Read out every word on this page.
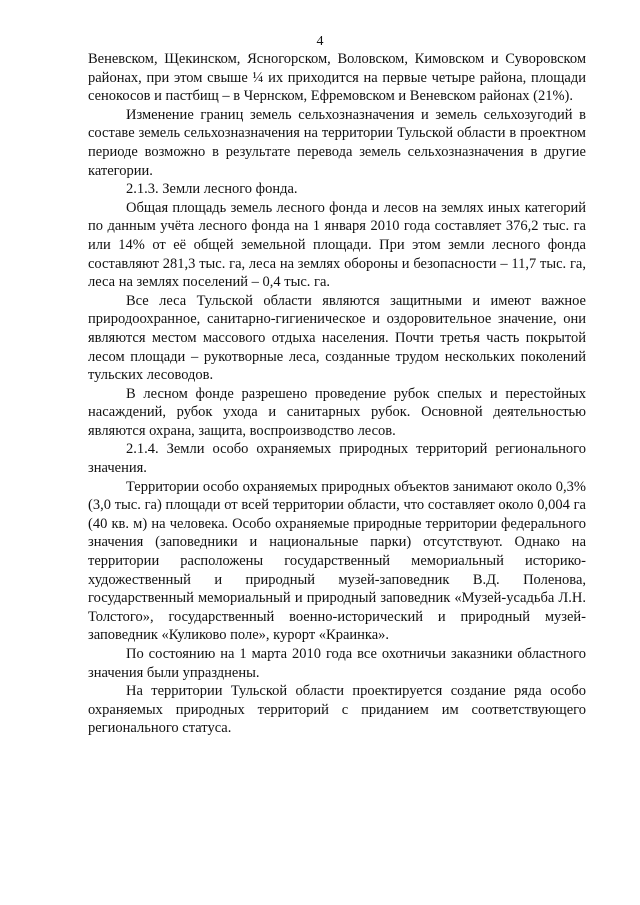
4

Веневском, Щекинском, Ясногорском, Воловском, Кимовском и Суворовском районах, при этом свыше ¼ их приходится на первые четыре района, площади сенокосов и пастбищ – в Чернском, Ефремовском и Веневском районах (21%).

Изменение границ земель сельхозназначения и земель сельхозугодий в составе земель сельхозназначения на территории Тульской области в проектном периоде возможно в результате перевода земель сельхозназначения в другие категории.

2.1.3. Земли лесного фонда.

Общая площадь земель лесного фонда и лесов на землях иных категорий по данным учёта лесного фонда на 1 января 2010 года составляет 376,2 тыс. га или 14% от её общей земельной площади. При этом земли лесного фонда составляют 281,3 тыс. га, леса на землях обороны и безопасности – 11,7 тыс. га, леса на землях поселений – 0,4 тыс. га.

Все леса Тульской области являются защитными и имеют важное природоохранное, санитарно-гигиеническое и оздоровительное значение, они являются местом массового отдыха населения. Почти третья часть покрытой лесом площади – рукотворные леса, созданные трудом нескольких поколений тульских лесоводов.

В лесном фонде разрешено проведение рубок спелых и перестойных насаждений, рубок ухода и санитарных рубок. Основной деятельностью являются охрана, защита, воспроизводство лесов.

2.1.4. Земли особо охраняемых природных территорий регионального значения.

Территории особо охраняемых природных объектов занимают около 0,3% (3,0 тыс. га) площади от всей территории области, что составляет около 0,004 га (40 кв. м) на человека. Особо охраняемые природные территории федерального значения (заповедники и национальные парки) отсутствуют. Однако на территории расположены государственный мемориальный историко-художественный и природный музей-заповедник В.Д. Поленова, государственный мемориальный и природный заповедник «Музей-усадьба Л.Н. Толстого», государственный военно-исторический и природный музей-заповедник «Куликово поле», курорт «Краинка».

По состоянию на 1 марта 2010 года все охотничьи заказники областного значения были упразднены.

На территории Тульской области проектируется создание ряда особо охраняемых природных территорий с приданием им соответствующего регионального статуса.
